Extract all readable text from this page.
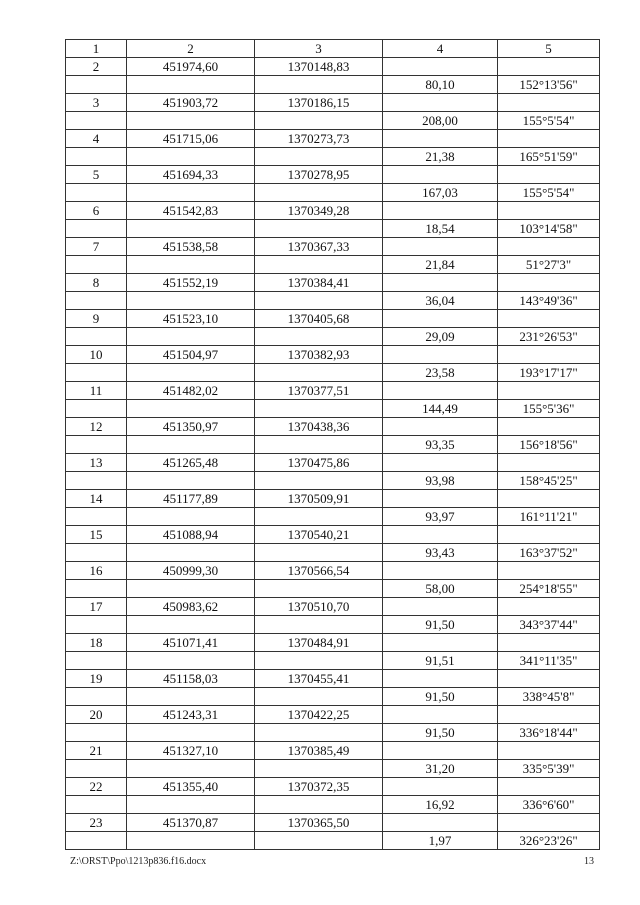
1	2	3	4	5
2	451974,60	1370148,83		
			80,10	152°13'56"
3	451903,72	1370186,15		
			208,00	155°5'54"
4	451715,06	1370273,73		
			21,38	165°51'59"
5	451694,33	1370278,95		
			167,03	155°5'54"
6	451542,83	1370349,28		
			18,54	103°14'58"
7	451538,58	1370367,33		
			21,84	51°27'3"
8	451552,19	1370384,41		
			36,04	143°49'36"
9	451523,10	1370405,68		
			29,09	231°26'53"
10	451504,97	1370382,93		
			23,58	193°17'17"
11	451482,02	1370377,51		
			144,49	155°5'36"
12	451350,97	1370438,36		
			93,35	156°18'56"
13	451265,48	1370475,86		
			93,98	158°45'25"
14	451177,89	1370509,91		
			93,97	161°11'21"
15	451088,94	1370540,21		
			93,43	163°37'52"
16	450999,30	1370566,54		
			58,00	254°18'55"
17	450983,62	1370510,70		
			91,50	343°37'44"
18	451071,41	1370484,91		
			91,51	341°11'35"
19	451158,03	1370455,41		
			91,50	338°45'8"
20	451243,31	1370422,25		
			91,50	336°18'44"
21	451327,10	1370385,49		
			31,20	335°5'39"
22	451355,40	1370372,35		
			16,92	336°6'60"
23	451370,87	1370365,50		
			1,97	326°23'26"
Z:\ORST\Ppo\1213p836.f16.docx	13
